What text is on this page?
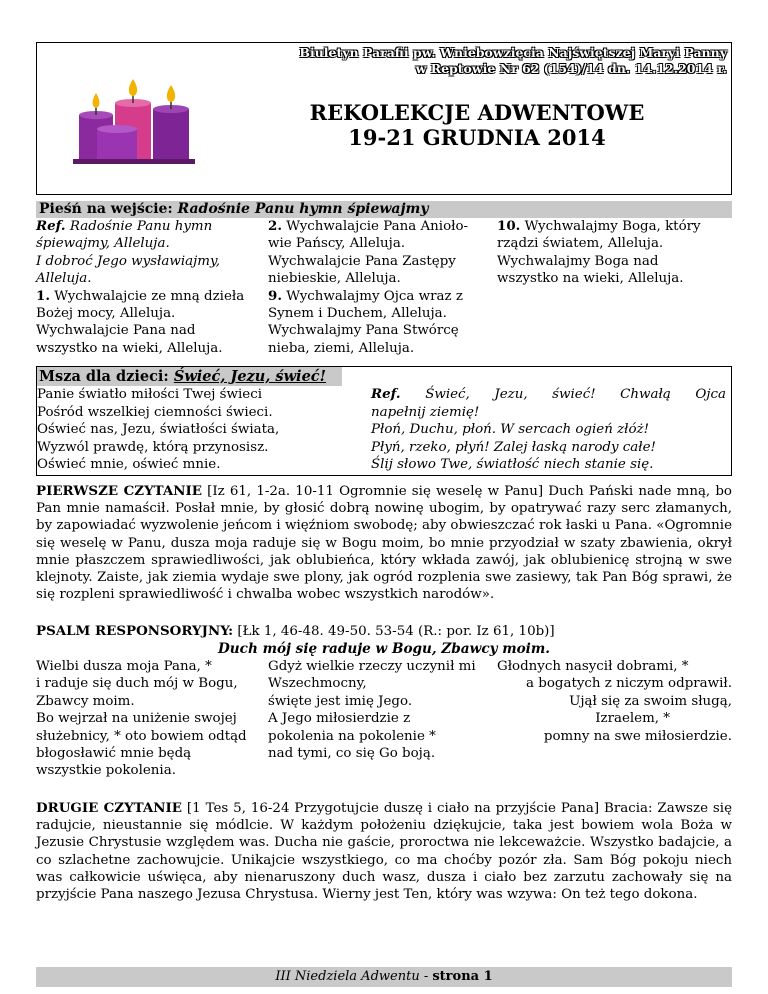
Biuletyn Parafii pw. Wniebowzięcia Najświętszej Maryi Panny
w Reptowie Nr 62 (154)/14 dn. 14.12.2014 r.
REKOLEKCJE ADWENTOWE
19-21 GRUDNIA 2014
Pieśń na wejście: Radośnie Panu hymn śpiewajmy

Ref. Radośnie Panu hymn

śpiewajmy, Alleluja.

I dobroć Jego wysławiajmy,

Alleluja.

1. Wychwalajcie ze mną dzieła

Bożej mocy, Alleluja.

Wychwalajcie Pana nad

wszystko na wieki, Alleluja.

2. Wychwalajcie Pana Anioło-

wie Pańscy, Alleluja.

Wychwalajcie Pana Zastępy

niebieskie, Alleluja.

9. Wychwalajmy Ojca wraz z

Synem i Duchem, Alleluja.

Wychwalajmy Pana Stwórcę

nieba, ziemi, Alleluja.

10. Wychwalajmy Boga, który

rządzi światem, Alleluja.

Wychwalajmy Boga nad

wszystko na wieki, Alleluja.

Msza dla dzieci: Świeć, Jezu, świeć!

Panie światło miłości Twej świeci

Pośród wszelkiej ciemności świeci.

Oświeć nas, Jezu, światłości świata,

Wyzwól prawdę, którą przynosisz.

Oświeć mnie, oświeć mnie.

Ref. Świeć, Jezu, świeć! Chwałą Ojca

napełnij ziemię!

Płoń, Duchu, płoń. W sercach ogień złóż!

Płyń, rzeko, płyń! Zalej łaską narody całe!

Ślij słowo Twe, światłość niech stanie się.

PIERWSZE CZYTANIE [Iz 61, 1-2a. 10-11 Ogromnie się weselę w Panu] Duch Pański nade mną, bo Pan mnie namaścił. Posłał mnie, by głosić dobrą nowinę ubogim, by opatrywać razy serc złamanych, by zapowiadać wyzwolenie jeńcom i więźniom swobodę; aby obwieszczać rok łaski u Pana. «Ogromnie się weselę w Panu, dusza moja raduje się w Bogu moim, bo mnie przyodział w szaty zbawienia, okrył mnie płaszczem sprawiedliwości, jak oblubieńca, który wkłada zawój, jak oblubienicę strojną w swe klejnoty. Zaiste, jak ziemia wydaje swe plony, jak ogród rozplenia swe zasiewy, tak Pan Bóg sprawi, że się rozpleni sprawiedliwość i chwalba wobec wszystkich narodów».
PSALM RESPONSORYJNY: [Łk 1, 46-48. 49-50. 53-54 (R.: por. Iz 61, 10b)]
Duch mój się raduje w Bogu, Zbawcy moim.

Wielbi dusza moja Pana, *

i raduje się duch mój w Bogu,

Zbawcy moim.

Bo wejrzał na uniżenie swojej

służebnicy, * oto bowiem odtąd

błogosławić mnie będą

wszystkie pokolenia.

Gdyż wielkie rzeczy uczynił mi

Wszechmocny,

święte jest imię Jego.

A Jego miłosierdzie z

pokolenia na pokolenie *

nad tymi, co się Go boją.

Głodnych nasycił dobrami, *

a bogatych z niczym odprawił.

Ujął się za swoim sługą,

Izraelem, *

pomny na swe miłosierdzie.

DRUGIE CZYTANIE [1 Tes 5, 16-24 Przygotujcie duszę i ciało na przyjście Pana] Bracia: Zawsze się radujcie, nieustannie się módlcie. W każdym położeniu dziękujcie, taka jest bowiem wola Boża w Jezusie Chrystusie względem was. Ducha nie gaście, proroctwa nie lekceważcie. Wszystko badajcie, a co szlachetne zachowujcie. Unikajcie wszystkiego, co ma choćby pozór zła. Sam Bóg pokoju niech was całkowicie uświęca, aby nienaruszony duch wasz, dusza i ciało bez zarzutu zachowały się na przyjście Pana naszego Jezusa Chrystusa. Wierny jest Ten, który was wzywa: On też tego dokona.
III Niedziela Adwentu - strona 1
